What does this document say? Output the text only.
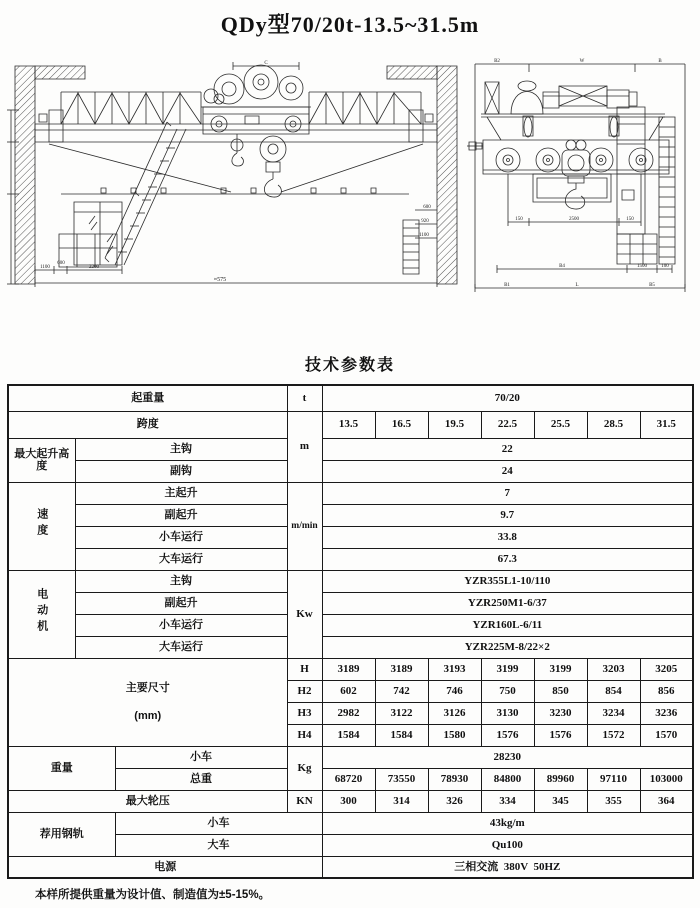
QDy型70/20t-13.5~31.5m
C
1100
600
2200
≈575
600
920
1100
B2	W	B
150	2500	150
B4	1500	100
B1	L	B5
技术参数表
起重量			t	70/20						
跨度			m	13.5	16.5	19.5	22.5	25.5	28.5	31.5
最大起升高度	主钩			22						
	副钩			24						
速度	主起升		m/min	7						
	副起升			9.7						
	小车运行			33.8						
	大车运行			67.3						
电动机	主钩		Kw	YZR355L1-10/110						
	副起升			YZR250M1-6/37						
	小车运行			YZR160L-6/11						
	大车运行			YZR225M-8/22×2						

主要尺寸
(mm)			H	3189	3189	3193	3199	3199	3203	3205
			H2	602	742	746	750	850	854	856
			H3	2982	3122	3126	3130	3230	3234	3236
			H4	1584	1584	1580	1576	1576	1572	1570
重量		小车	Kg	28230						
		总重		68720	73550	78930	84800	89960	97110	103000
最大轮压			KN	300	314	326	334	345	355	364
荐用钢轨		小车		43kg/m						
		大车		Qu100						
电源				三相交流  380V  50HZ						
本样所提供重量为设计值、制造值为±5-15%。
